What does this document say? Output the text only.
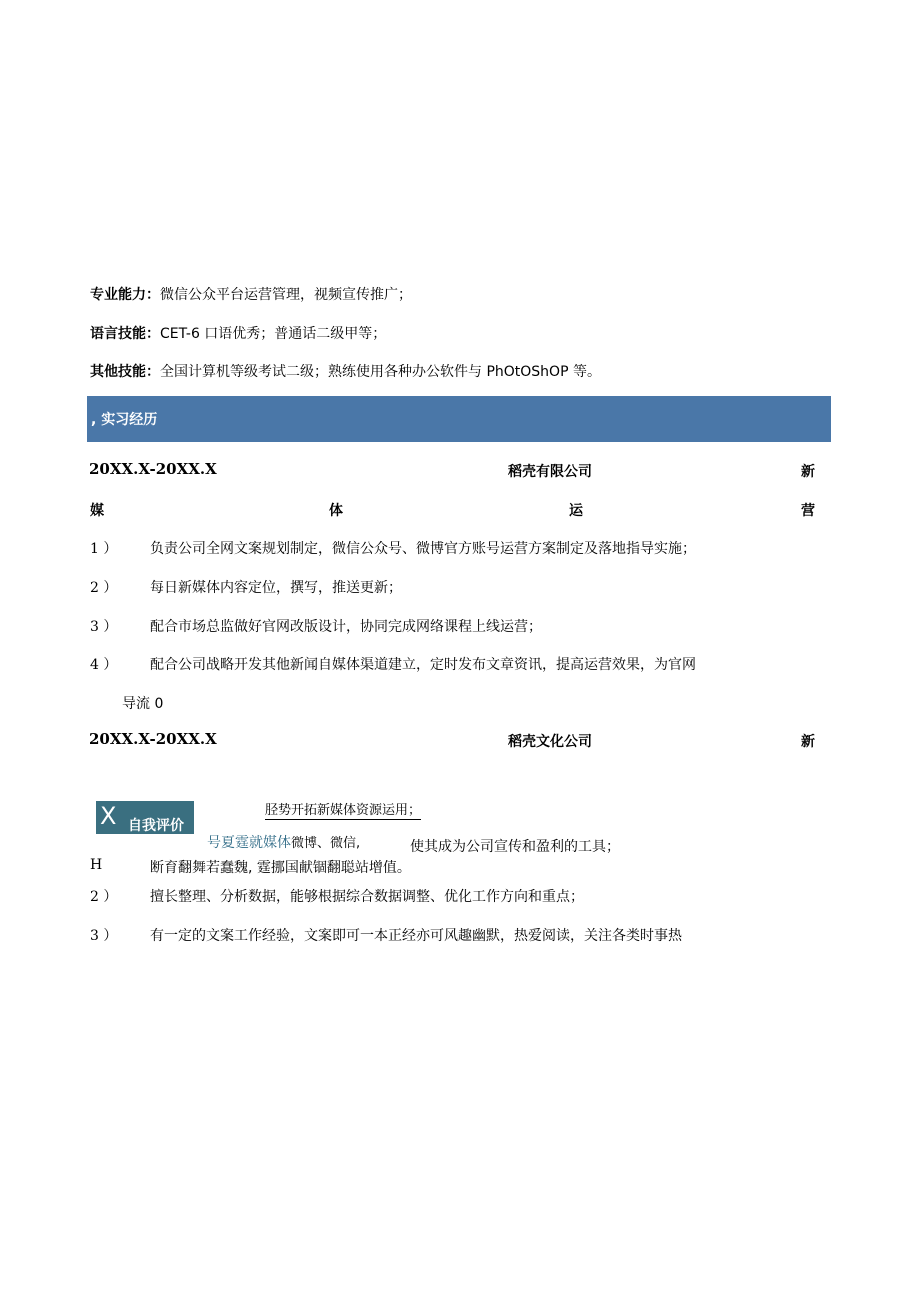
专业能力：微信公众平台运营管理，视频宣传推广；
语言技能：CET-6 口语优秀；普通话二级甲等；
其他技能：全国计算机等级考试二级；熟练使用各种办公软件与 PhOtOShOP 等。
, 实习经历
20XX.X-20XX.X	稻壳有限公司	新
媒	体	运	营
1 ） 负责公司全网文案规划制定，微信公众号、微博官方账号运营方案制定及落地指导实施；
2 ） 每日新媒体内容定位，撰写，推送更新；
3 ） 配合市场总监做好官网改版设计，协同完成网络课程上线运营；
4 ） 配合公司战略开发其他新闻自媒体渠道建立，定时发布文章资讯，提高运营效果，为官网
导流 0
20XX.X-20XX.X	稻壳文化公司	新
X 自我评价
胫势开拓新媒体资源运用；
号夏霆就媒体微博、微信,	使其成为公司宣传和盈利的工具；
H	断育翻舞若蠢魏, 霆挪国献锢翻聪站增值。
2 ） 擅长整理、分析数据，能够根据综合数据调整、优化工作方向和重点；
3 ） 有一定的文案工作经验，文案即可一本正经亦可风趣幽默，热爱阅读，关注各类时事热
